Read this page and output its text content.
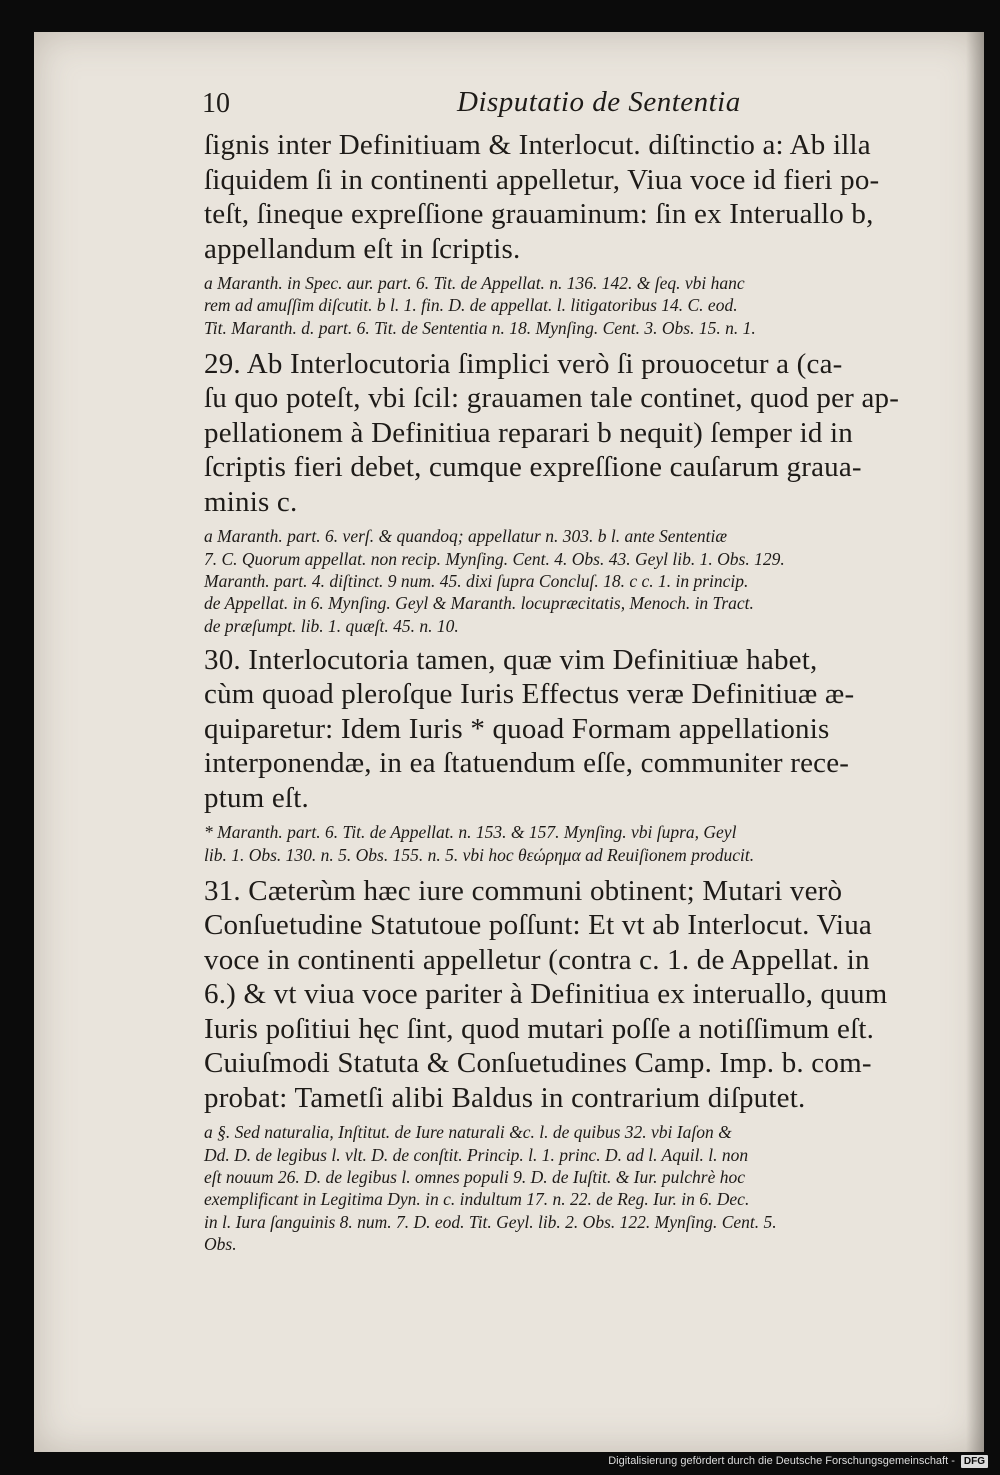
10	Disputatio de Sententia

ſignis inter Definitiuam & Interlocut. diſtinctio a: Ab illa
ſiquidem ſi in continenti appelletur, Viua voce id fieri po-
teſt, ſineque expreſſione grauaminum: ſin ex Interuallo b,
appellandum eſt in ſcriptis.

a Maranth. in Spec. aur. part. 6. Tit. de Appellat. n. 136. 142. & ſeq. vbi hanc
rem ad amuſſim diſcutit. b l. 1. fin. D. de appellat. l. litigatoribus 14. C. eod.
Tit. Maranth. d. part. 6. Tit. de Sententia n. 18. Mynſing. Cent. 3. Obs. 15. n. 1.

29. Ab Interlocutoria ſimplici verò ſi prouocetur a (ca-
ſu quo poteſt, vbi ſcil: grauamen tale continet, quod per ap-
pellationem à Definitiua reparari b nequit) ſemper id in
ſcriptis fieri debet, cumque expreſſione cauſarum graua-
minis c.

a Maranth. part. 6. verſ. & quandoq; appellatur n. 303. b l. ante Sententiæ
7. C. Quorum appellat. non recip. Mynſing. Cent. 4. Obs. 43. Geyl lib. 1. Obs. 129.
Maranth. part. 4. diſtinct. 9 num. 45. dixi ſupra Concluſ. 18. c c. 1. in princip.
de Appellat. in 6. Mynſing. Geyl & Maranth. locupræcitatis, Menoch. in Tract.
de præſumpt. lib. 1. quæſt. 45. n. 10.

30. Interlocutoria tamen, quæ vim Definitiuæ habet,
cùm quoad pleroſque Iuris Effectus veræ Definitiuæ æ-
quiparetur: Idem Iuris * quoad Formam appellationis
interponendæ, in ea ſtatuendum eſſe, communiter rece-
ptum eſt.

* Maranth. part. 6. Tit. de Appellat. n. 153. & 157. Mynſing. vbi ſupra, Geyl
lib. 1. Obs. 130. n. 5. Obs. 155. n. 5. vbi hoc θεώρημα ad Reuiſionem producit.

31. Cæterùm hæc iure communi obtinent; Mutari verò
Conſuetudine Statutoue poſſunt: Et vt ab Interlocut. Viua
voce in continenti appelletur (contra c. 1. de Appellat. in
6.) & vt viua voce pariter à Definitiua ex interuallo, quum
Iuris poſitiui hęc ſint, quod mutari poſſe a notiſſimum eſt.
Cuiuſmodi Statuta & Conſuetudines Camp. Imp. b. com-
probat: Tametſi alibi Baldus in contrarium diſputet.

a §. Sed naturalia, Inſtitut. de Iure naturali &c. l. de quibus 32. vbi Iaſon &
Dd. D. de legibus l. vlt. D. de conſtit. Princip. l. 1. princ. D. ad l. Aquil. l. non
eſt nouum 26. D. de legibus l. omnes populi 9. D. de Iuſtit. & Iur. pulchrè hoc
exemplificant in Legitima Dyn. in c. indultum 17. n. 22. de Reg. Iur. in 6. Dec.
in l. Iura ſanguinis 8. num. 7. D. eod. Tit. Geyl. lib. 2. Obs. 122. Mynſing. Cent. 5.
Obs.

Digitalisierung gefördert durch die Deutsche Forschungsgemeinschaft - DFG
